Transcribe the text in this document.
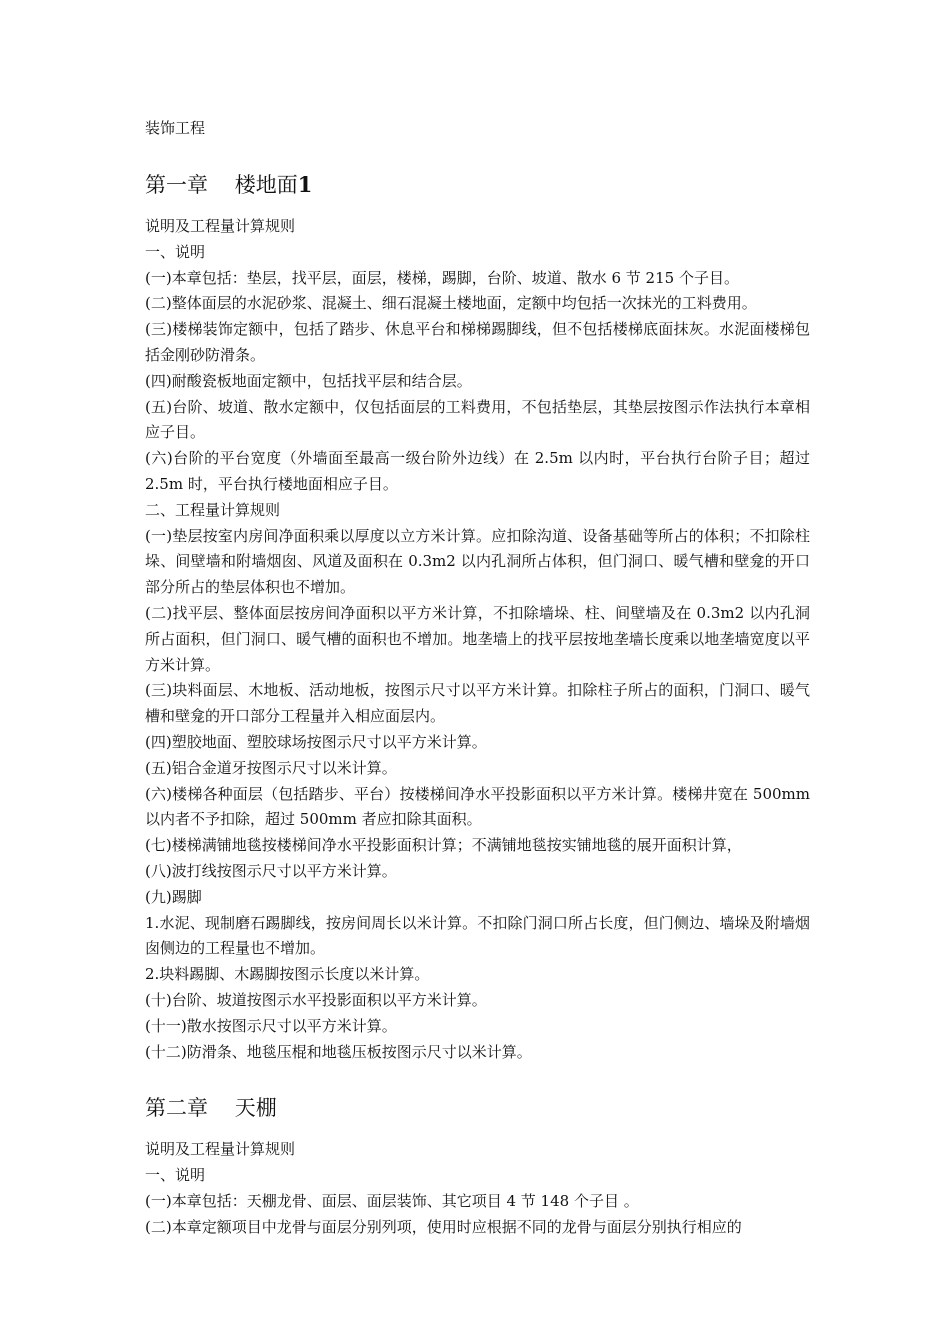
装饰工程

第一章    楼地面1

说明及工程量计算规则

一、说明

(一)本章包括：垫层，找平层，面层，楼梯，踢脚，台阶、坡道、散水 6 节 215 个子目。

(二)整体面层的水泥砂浆、混凝土、细石混凝土楼地面，定额中均包括一次抹光的工料费用。

(三)楼梯装饰定额中，包括了踏步、休息平台和梯梯踢脚线，但不包括楼梯底面抹灰。水泥面楼梯包括金刚砂防滑条。

(四)耐酸瓷板地面定额中，包括找平层和结合层。

(五)台阶、坡道、散水定额中，仅包括面层的工料费用，不包括垫层，其垫层按图示作法执行本章相应子目。

(六)台阶的平台宽度（外墙面至最高一级台阶外边线）在 2.5m 以内时，平台执行台阶子目；超过 2.5m 时，平台执行楼地面相应子目。

二、工程量计算规则

(一)垫层按室内房间净面积乘以厚度以立方米计算。应扣除沟道、设备基础等所占的体积；不扣除柱垛、间壁墙和附墙烟囱、风道及面积在 0.3m2 以内孔洞所占体积，但门洞口、暖气槽和壁龛的开口部分所占的垫层体积也不增加。

(二)找平层、整体面层按房间净面积以平方米计算，不扣除墙垛、柱、间壁墙及在 0.3m2 以内孔洞所占面积，但门洞口、暖气槽的面积也不增加。地垄墙上的找平层按地垄墙长度乘以地垄墙宽度以平方米计算。

(三)块料面层、木地板、活动地板，按图示尺寸以平方米计算。扣除柱子所占的面积，门洞口、暖气槽和壁龛的开口部分工程量并入相应面层内。

(四)塑胶地面、塑胶球场按图示尺寸以平方米计算。

(五)铝合金道牙按图示尺寸以米计算。

(六)楼梯各种面层（包括踏步、平台）按楼梯间净水平投影面积以平方米计算。楼梯井宽在 500mm 以内者不予扣除，超过 500mm 者应扣除其面积。

(七)楼梯满铺地毯按楼梯间净水平投影面积计算；不满铺地毯按实铺地毯的展开面积计算，

(八)波打线按图示尺寸以平方米计算。

(九)踢脚

1.水泥、现制磨石踢脚线，按房间周长以米计算。不扣除门洞口所占长度，但门侧边、墙垛及附墙烟囱侧边的工程量也不增加。

2.块料踢脚、木踢脚按图示长度以米计算。

(十)台阶、坡道按图示水平投影面积以平方米计算。

(十一)散水按图示尺寸以平方米计算。

(十二)防滑条、地毯压棍和地毯压板按图示尺寸以米计算。

第二章    天棚

说明及工程量计算规则

一、说明

(一)本章包括：天棚龙骨、面层、面层装饰、其它项目 4 节 148 个子目 。

(二)本章定额项目中龙骨与面层分别列项，使用时应根据不同的龙骨与面层分别执行相应的
